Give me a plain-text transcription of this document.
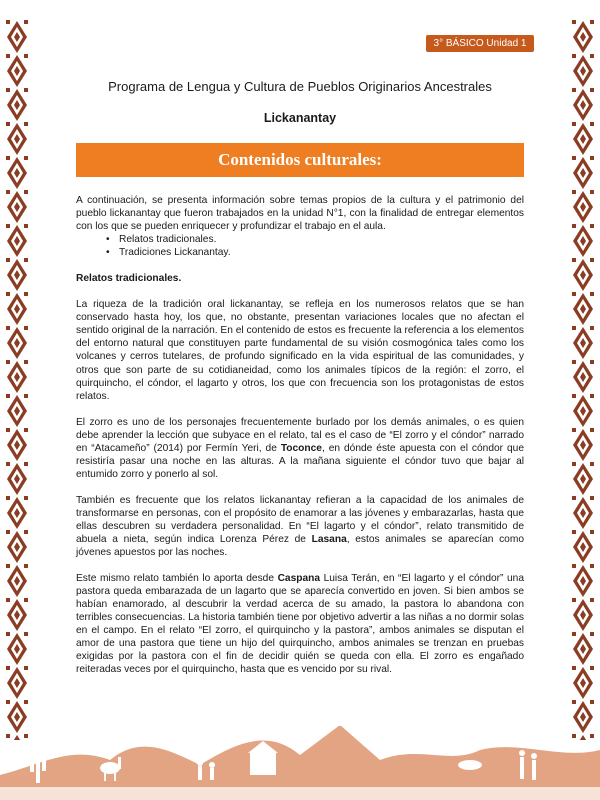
3° BÁSICO Unidad 1
Programa de Lengua y Cultura de Pueblos Originarios Ancestrales
Lickanantay
Contenidos culturales:

A continuación, se presenta información sobre temas propios de la cultura y el patrimonio del pueblo lickanantay que fueron trabajados en la unidad N°1, con la finalidad de entregar elementos con los que se pueden enriquecer y profundizar el trabajo en el aula.

• Relatos tradicionales.
• Tradiciones Lickanantay.

Relatos tradicionales.

La riqueza de la tradición oral lickanantay, se refleja en los numerosos relatos que se han conservado hasta hoy, los que, no obstante, presentan variaciones locales que no afectan el sentido original de la narración. En el contenido de estos es frecuente la referencia a los elementos del entorno natural que constituyen parte fundamental de su visión cosmogónica tales como los volcanes y cerros tutelares, de profundo significado en la vida espiritual de las comunidades, y otros que son parte de su cotidianeidad, como los animales típicos de la región: el zorro, el quirquincho, el cóndor, el lagarto y otros, los que con frecuencia son los protagonistas de estos relatos.

El zorro es uno de los personajes frecuentemente burlado por los demás animales, o es quien debe aprender la lección que subyace en el relato, tal es el caso de “El zorro y el cóndor” narrado en “Atacameño” (2014) por Fermín Yeri, de Toconce, en dónde éste apuesta con el cóndor que resistiría pasar una noche en las alturas. A la mañana siguiente el cóndor tuvo que bajar al entumido zorro y ponerlo al sol.

También es frecuente que los relatos lickanantay refieran a la capacidad de los animales de transformarse en personas, con el propósito de enamorar a las jóvenes y embarazarlas, hasta que ellas descubren su verdadera personalidad. En “El lagarto y el cóndor”, relato transmitido de abuela a nieta, según indica Lorenza Pérez de Lasana, estos animales se aparecían como jóvenes apuestos por las noches.

Este mismo relato también lo aporta desde Caspana Luisa Terán, en “El lagarto y el cóndor” una pastora queda embarazada de un lagarto que se aparecía convertido en joven. Si bien ambos se habían enamorado, al descubrir la verdad acerca de su amado, la pastora lo abandona con terribles consecuencias. La historia también tiene por objetivo advertir a las niñas a no dormir solas en el campo. En el relato “El zorro, el quirquincho y la pastora”, ambos animales se disputan el amor de una pastora que tiene un hijo del quirquincho, ambos animales se trenzan en pruebas exigidas por la pastora con el fin de decidir quién se queda con ella. El zorro es engañado reiteradas veces por el quirquincho, hasta que es vencido por su rival.
